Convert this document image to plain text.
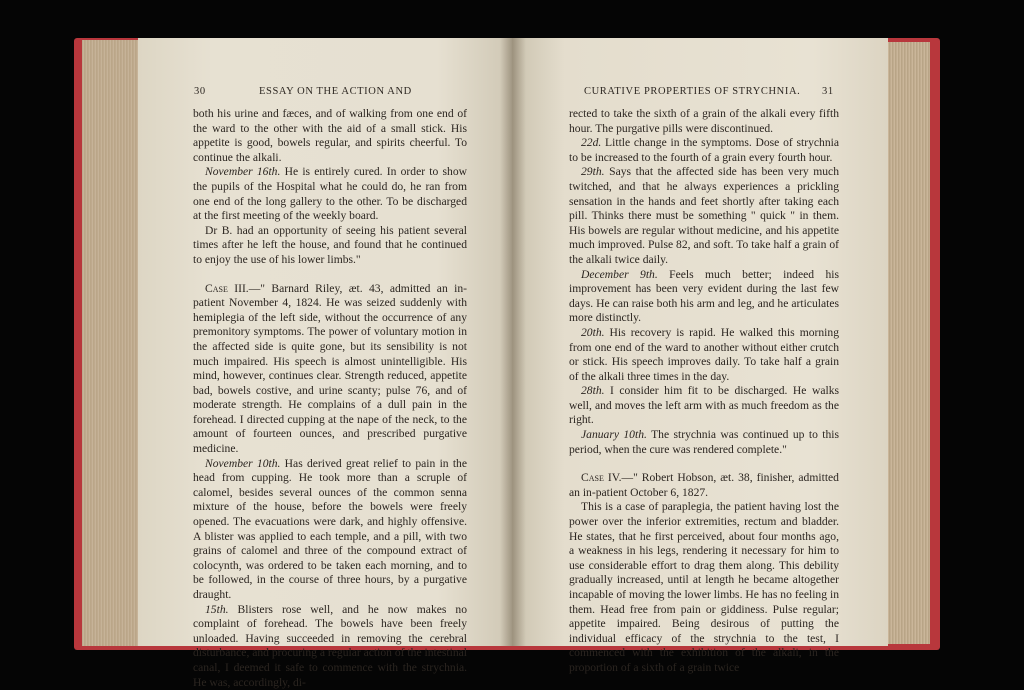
30	ESSAY ON THE ACTION AND

both his urine and fæces, and of walking from one end of the ward to the other with the aid of a small stick. His appetite is good, bowels regular, and spirits cheerful. To continue the alkali.

November 16th. He is entirely cured. In order to show the pupils of the Hospital what he could do, he ran from one end of the long gallery to the other. To be discharged at the first meeting of the weekly board.

Dr B. had an opportunity of seeing his patient several times after he left the house, and found that he continued to enjoy the use of his lower limbs."

Case III.—" Barnard Riley, æt. 43, admitted an in-patient November 4, 1824. He was seized suddenly with hemiplegia of the left side, without the occurrence of any premonitory symptoms. The power of voluntary motion in the affected side is quite gone, but its sensibility is not much impaired. His speech is almost unintelligible. His mind, however, continues clear. Strength reduced, appetite bad, bowels costive, and urine scanty; pulse 76, and of moderate strength. He complains of a dull pain in the forehead. I directed cupping at the nape of the neck, to the amount of fourteen ounces, and prescribed purgative medicine.

November 10th. Has derived great relief to pain in the head from cupping. He took more than a scruple of calomel, besides several ounces of the common senna mixture of the house, before the bowels were freely opened. The evacuations were dark, and highly offensive. A blister was applied to each temple, and a pill, with two grains of calomel and three of the compound extract of colocynth, was ordered to be taken each morning, and to be followed, in the course of three hours, by a purgative draught.

15th. Blisters rose well, and he now makes no complaint of forehead. The bowels have been freely unloaded. Having succeeded in removing the cerebral disturbance, and procuring a regular action of the intestinal canal, I deemed it safe to commence with the strychnia. He was, accordingly, di-

CURATIVE PROPERTIES OF STRYCHNIA. 31

rected to take the sixth of a grain of the alkali every fifth hour. The purgative pills were discontinued.

22d. Little change in the symptoms. Dose of strychnia to be increased to the fourth of a grain every fourth hour.

29th. Says that the affected side has been very much twitched, and that he always experiences a prickling sensation in the hands and feet shortly after taking each pill. Thinks there must be something " quick " in them. His bowels are regular without medicine, and his appetite much improved. Pulse 82, and soft. To take half a grain of the alkali twice daily.

December 9th. Feels much better; indeed his improvement has been very evident during the last few days. He can raise both his arm and leg, and he articulates more distinctly.

20th. His recovery is rapid. He walked this morning from one end of the ward to another without either crutch or stick. His speech improves daily. To take half a grain of the alkali three times in the day.

28th. I consider him fit to be discharged. He walks well, and moves the left arm with as much freedom as the right.

January 10th. The strychnia was continued up to this period, when the cure was rendered complete."

Case IV.—" Robert Hobson, æt. 38, finisher, admitted an in-patient October 6, 1827.

This is a case of paraplegia, the patient having lost the power over the inferior extremities, rectum and bladder. He states, that he first perceived, about four months ago, a weakness in his legs, rendering it necessary for him to use considerable effort to drag them along. This debility gradually increased, until at length he became altogether incapable of moving the lower limbs. He has no feeling in them. Head free from pain or giddiness. Pulse regular; appetite impaired. Being desirous of putting the individual efficacy of the strychnia to the test, I commenced with the exhibition of the alkali, in the proportion of a sixth of a grain twice
